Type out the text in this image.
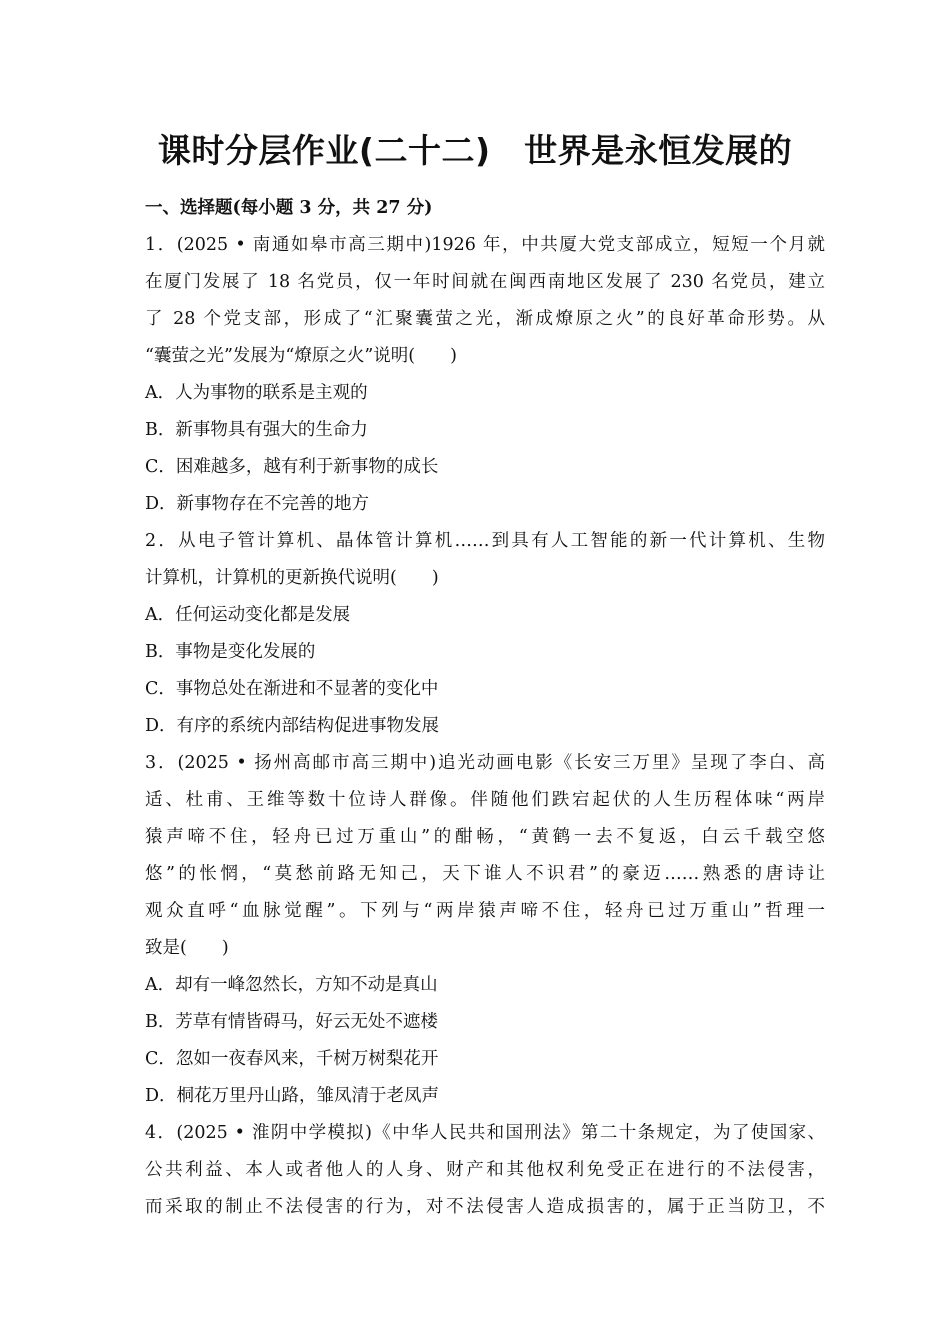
课时分层作业(二十二)　世界是永恒发展的
一、选择题(每小题 3 分，共 27 分)
1．(2025 • 南通如皋市高三期中)1926 年，中共厦大党支部成立，短短一个月就
在厦门发展了 18 名党员，仅一年时间就在闽西南地区发展了 230 名党员，建立
了 28 个党支部，形成了“汇聚囊萤之光，渐成燎原之火”的良好革命形势。从
“囊萤之光”发展为“燎原之火”说明(　　)
A．人为事物的联系是主观的
B．新事物具有强大的生命力
C．困难越多，越有利于新事物的成长
D．新事物存在不完善的地方
2．从电子管计算机、晶体管计算机……到具有人工智能的新一代计算机、生物
计算机，计算机的更新换代说明(　　)
A．任何运动变化都是发展
B．事物是变化发展的
C．事物总处在渐进和不显著的变化中
D．有序的系统内部结构促进事物发展
3．(2025 • 扬州高邮市高三期中)追光动画电影《长安三万里》呈现了李白、高
适、杜甫、王维等数十位诗人群像。伴随他们跌宕起伏的人生历程体味“两岸
猿声啼不住，轻舟已过万重山”的酣畅，“黄鹤一去不复返，白云千载空悠
悠”的怅惘，“莫愁前路无知己，天下谁人不识君”的豪迈……熟悉的唐诗让
观众直呼“血脉觉醒”。下列与“两岸猿声啼不住，轻舟已过万重山”哲理一
致是(　　)
A．却有一峰忽然长，方知不动是真山
B．芳草有情皆碍马，好云无处不遮楼
C．忽如一夜春风来，千树万树梨花开
D．桐花万里丹山路，雏凤清于老凤声
4．(2025 • 淮阴中学模拟)《中华人民共和国刑法》第二十条规定，为了使国家、
公共利益、本人或者他人的人身、财产和其他权利免受正在进行的不法侵害，
而采取的制止不法侵害的行为，对不法侵害人造成损害的，属于正当防卫，不
